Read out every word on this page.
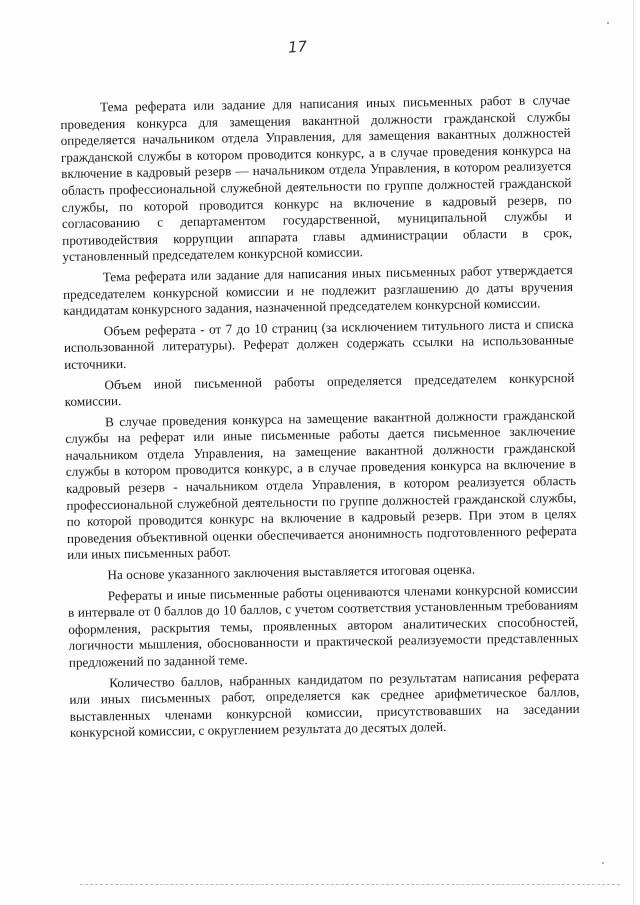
17

Тема реферата или задание для написания иных письменных работ в случае проведения конкурса для замещения вакантной должности гражданской службы определяется начальником отдела Управления, для замещения вакантных должностей гражданской службы в котором проводится конкурс, а в случае проведения конкурса на включение в кадровый резерв — начальником отдела Управления, в котором реализуется область профессиональной служебной деятельности по группе должностей гражданской службы, по которой проводится конкурс на включение в кадровый резерв, по согласованию с департаментом государственной, муниципальной службы и противодействия коррупции аппарата главы администрации области в срок, установленный председателем конкурсной комиссии.

Тема реферата или задание для написания иных письменных работ утверждается председателем конкурсной комиссии и не подлежит разглашению до даты вручения кандидатам конкурсного задания, назначенной председателем конкурсной комиссии.

Объем реферата - от 7 до 10 страниц (за исключением титульного листа и списка использованной литературы). Реферат должен содержать ссылки на использованные источники.

Объем иной письменной работы определяется председателем конкурсной комиссии.

В случае проведения конкурса на замещение вакантной должности гражданской службы на реферат или иные письменные работы дается письменное заключение начальником отдела Управления, на замещение вакантной должности гражданской службы в котором проводится конкурс, а в случае проведения конкурса на включение в кадровый резерв - начальником отдела Управления, в котором реализуется область профессиональной служебной деятельности по группе должностей гражданской службы, по которой проводится конкурс на включение в кадровый резерв. При этом в целях проведения объективной оценки обеспечивается анонимность подготовленного реферата или иных письменных работ.

На основе указанного заключения выставляется итоговая оценка.

Рефераты и иные письменные работы оцениваются членами конкурсной комиссии в интервале от 0 баллов до 10 баллов, с учетом соответствия установленным требованиям оформления, раскрытия темы, проявленных автором аналитических способностей, логичности мышления, обоснованности и практической реализуемости представленных предложений по заданной теме.

Количество баллов, набранных кандидатом по результатам написания реферата или иных письменных работ, определяется как среднее арифметическое баллов, выставленных членами конкурсной комиссии, присутствовавших на заседании конкурсной комиссии, с округлением результата до десятых долей.
